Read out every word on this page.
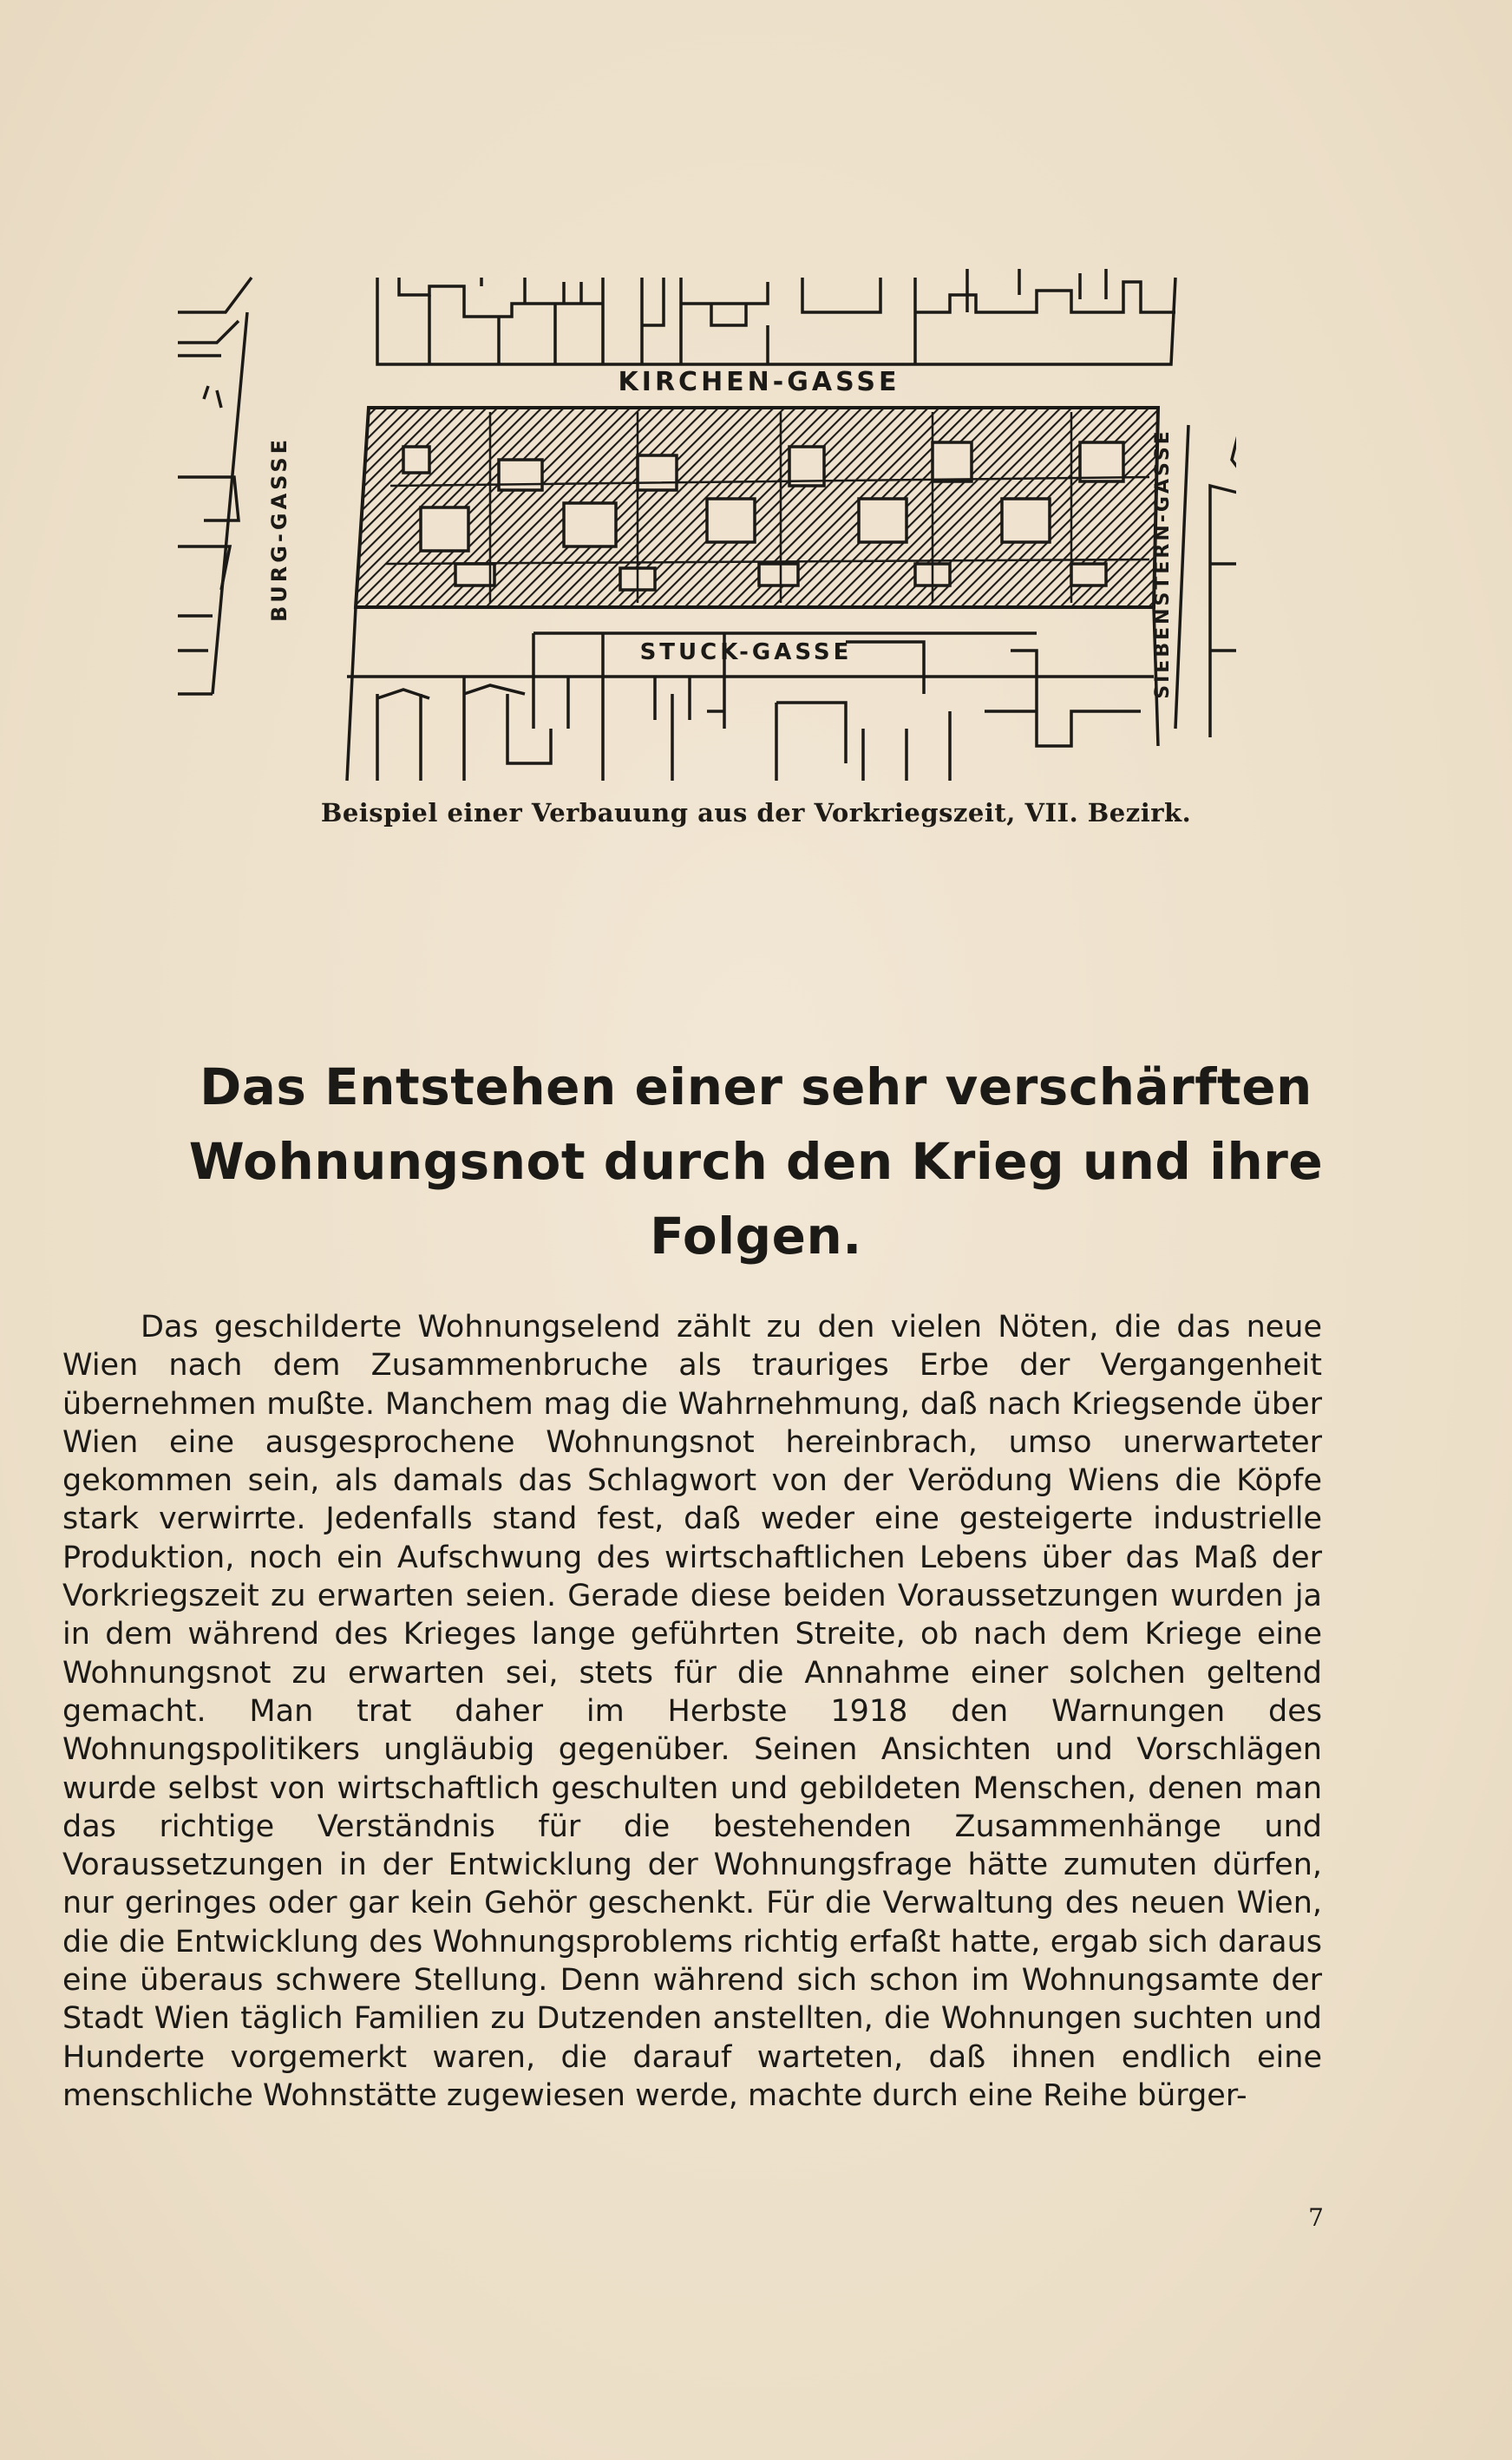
KIRCHEN-GASSE
STUCK-GASSE
BURG-GASSE	SIEBENSTERN-GASSE
Beispiel einer Verbauung aus der Vorkriegszeit, VII. Bezirk.
Das Entstehen einer sehr verschärften Wohnungsnot durch den Krieg und ihre Folgen.

Das geschilderte Wohnungselend zählt zu den vielen Nöten, die das neue Wien nach dem Zusammenbruche als trauriges Erbe der Vergangenheit übernehmen mußte. Manchem mag die Wahrnehmung, daß nach Kriegsende über Wien eine ausgesprochene Wohnungsnot hereinbrach, umso unerwarteter gekommen sein, als damals das Schlagwort von der Verödung Wiens die Köpfe stark verwirrte. Jedenfalls stand fest, daß weder eine gesteigerte industrielle Produktion, noch ein Aufschwung des wirtschaftlichen Lebens über das Maß der Vorkriegszeit zu erwarten seien. Gerade diese beiden Voraussetzungen wurden ja in dem während des Krieges lange geführten Streite, ob nach dem Kriege eine Wohnungsnot zu erwarten sei, stets für die Annahme einer solchen geltend gemacht. Man trat daher im Herbste 1918 den Warnungen des Wohnungspolitikers ungläubig gegenüber. Seinen Ansichten und Vorschlägen wurde selbst von wirtschaftlich geschulten und gebildeten Menschen, denen man das richtige Verständnis für die bestehenden Zusammenhänge und Voraussetzungen in der Entwicklung der Wohnungsfrage hätte zumuten dürfen, nur geringes oder gar kein Gehör geschenkt. Für die Verwaltung des neuen Wien, die die Entwicklung des Wohnungsproblems richtig erfaßt hatte, ergab sich daraus eine überaus schwere Stellung. Denn während sich schon im Wohnungsamte der Stadt Wien täglich Familien zu Dutzenden anstellten, die Wohnungen suchten und Hunderte vorgemerkt waren, die darauf warteten, daß ihnen endlich eine menschliche Wohnstätte zugewiesen werde, machte durch eine Reihe bürger-

7
